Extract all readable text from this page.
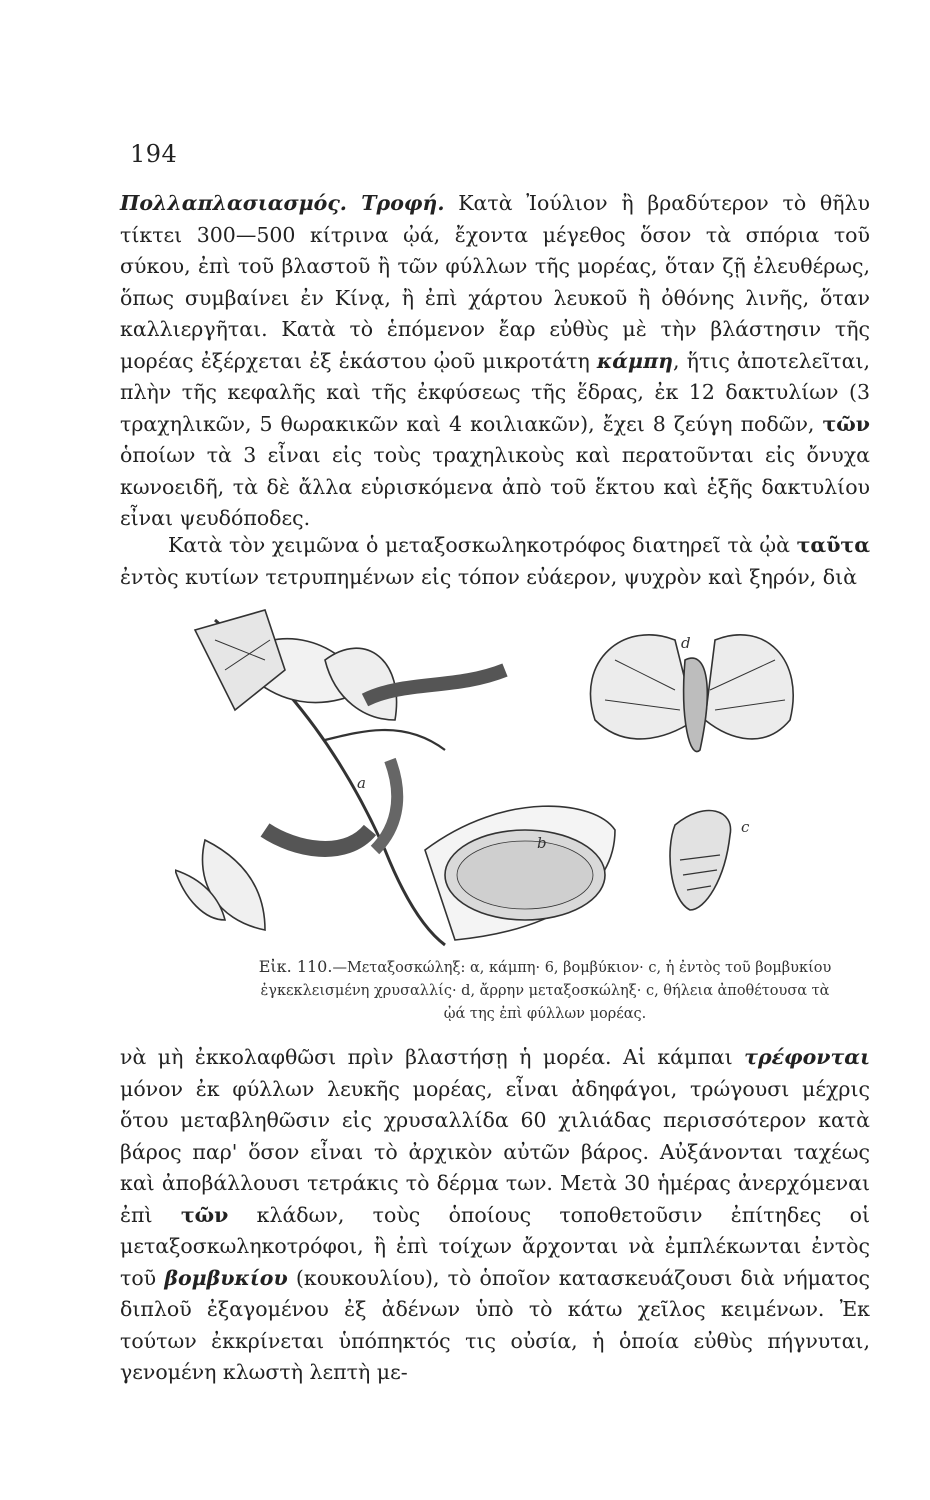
194

Πολλαπλασιασμός. Τροφή. Κατὰ Ἰούλιον ἢ βραδύτερον τὸ θῆλυ τίκτει 300—500 κίτρινα ᾠά, ἔχοντα μέγεθος ὅσον τὰ σπόρια τοῦ σύκου, ἐπὶ τοῦ βλαστοῦ ἢ τῶν φύλλων τῆς μορέας, ὅταν ζῇ ἐλευθέρως, ὅπως συμβαίνει ἐν Κίνᾳ, ἢ ἐπὶ χάρτου λευκοῦ ἢ ὀθόνης λινῆς, ὅταν καλλιεργῆται. Κατὰ τὸ ἑπόμενον ἔαρ εὐθὺς μὲ τὴν βλάστησιν τῆς μορέας ἐξέρχεται ἐξ ἑκάστου ᾠοῦ μικροτάτη κάμπη, ἥτις ἀποτελεῖται, πλὴν τῆς κεφαλῆς καὶ τῆς ἐκφύσεως τῆς ἕδρας, ἐκ 12 δακτυλίων (3 τραχηλικῶν, 5 θωρακικῶν καὶ 4 κοιλιακῶν), ἔχει 8 ζεύγη ποδῶν, τῶν ὁποίων τὰ 3 εἶναι εἰς τοὺς τραχηλικοὺς καὶ περατοῦνται εἰς ὄνυχα κωνοειδῆ, τὰ δὲ ἄλλα εὑρισκόμενα ἀπὸ τοῦ ἕκτου καὶ ἑξῆς δακτυλίου εἶναι ψευδόποδες.

Κατὰ τὸν χειμῶνα ὁ μεταξοσκωληκοτρόφος διατηρεῖ τὰ ᾠὰ ταῦτα ἐντὸς κυτίων τετρυπημένων εἰς τόπον εὐάερον, ψυχρὸν καὶ ξηρόν, διὰ

a
b
c
d

Εἰκ. 110.—Μεταξοσκώληξ: α, κάμπη· 6, βομβύκιον· c, ἡ ἐντὸς τοῦ βομβυκίου ἐγκεκλεισμένη χρυσαλλίς· d, ἄρρην μεταξοσκώληξ· c, θήλεια ἀποθέτουσα τὰ ᾠά της ἐπὶ φύλλων μορέας.

νὰ μὴ ἐκκολαφθῶσι πρὶν βλαστήσῃ ἡ μορέα. Αἱ κάμπαι τρέφονται μόνον ἐκ φύλλων λευκῆς μορέας, εἶναι ἀδηφάγοι, τρώγουσι μέχρις ὅτου μεταβληθῶσιν εἰς χρυσαλλίδα 60 χιλιάδας περισσότερον κατὰ βάρος παρ' ὅσον εἶναι τὸ ἀρχικὸν αὐτῶν βάρος. Αὐξάνονται ταχέως καὶ ἀποβάλλουσι τετράκις τὸ δέρμα των. Μετὰ 30 ἡμέρας ἀνερχόμεναι ἐπὶ τῶν κλάδων, τοὺς ὁποίους τοποθετοῦσιν ἐπίτηδες οἱ μεταξοσκωληκοτρόφοι, ἢ ἐπὶ τοίχων ἄρχονται νὰ ἐμπλέκωνται ἐντὸς τοῦ βομβυκίου (κουκουλίου), τὸ ὁποῖον κατασκευάζουσι διὰ νήματος διπλοῦ ἐξαγομένου ἐξ ἀδένων ὑπὸ τὸ κάτω χεῖλος κειμένων. Ἐκ τούτων ἐκκρίνεται ὑπόπηκτός τις οὐσία, ἡ ὁποία εὐθὺς πήγνυται, γενομένη κλωστὴ λεπτὴ με-
